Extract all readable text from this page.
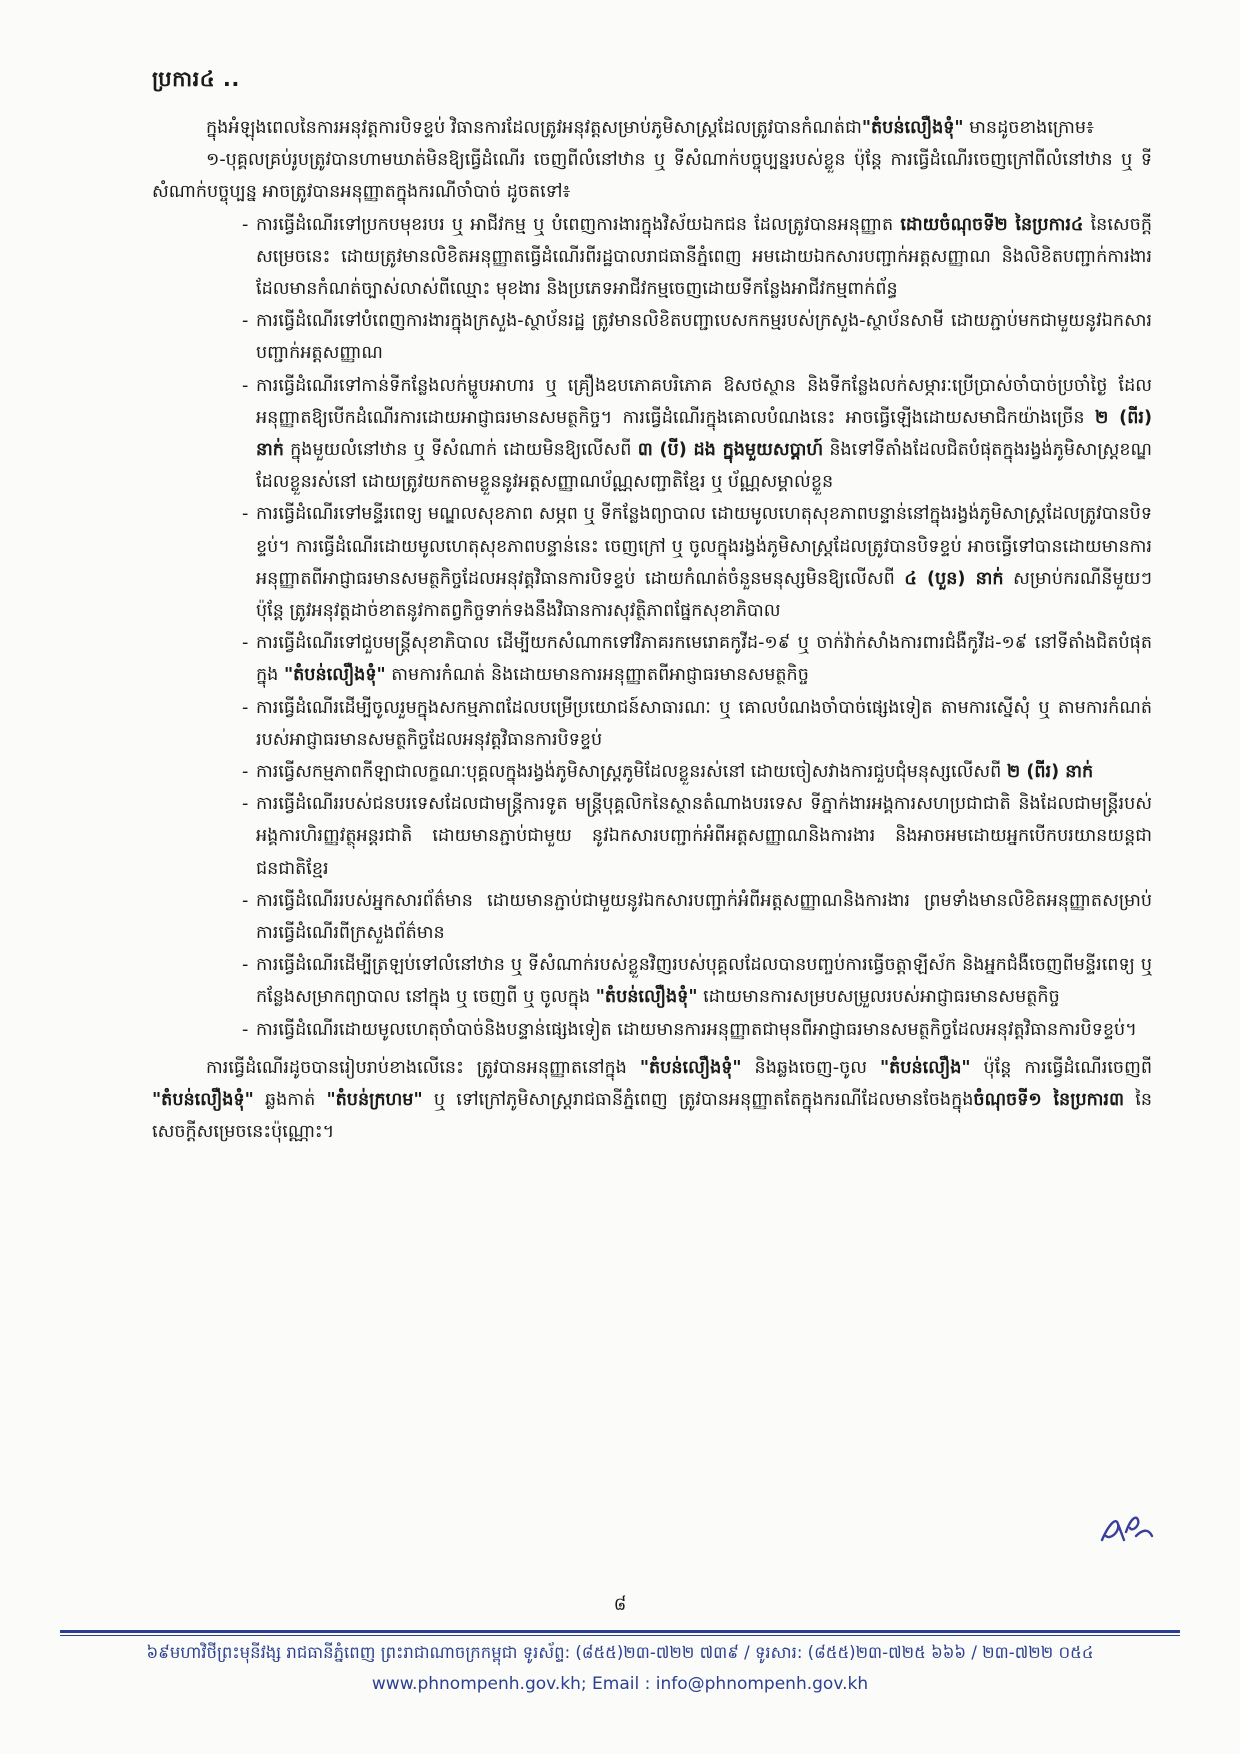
ប្រការ៤ ..

ក្នុងអំឡុងពេលនៃការអនុវត្តការបិទខ្ទប់ វិធានការដែលត្រូវអនុវត្តសម្រាប់ភូមិសាស្ត្រដែលត្រូវបានកំណត់ជា"តំបន់លឿងទុំ" មានដូចខាងក្រោម៖

១-បុគ្គលគ្រប់រូបត្រូវបានហាមឃាត់មិនឱ្យធ្វើដំណើរ ចេញពីលំនៅឋាន ឬ ទីសំណាក់បច្ចុប្បន្នរបស់ខ្លួន ប៉ុន្តែ ការធ្វើដំណើរចេញក្រៅពីលំនៅឋាន ឬ ទីសំណាក់បច្ចុប្បន្ន អាចត្រូវបានអនុញ្ញាតក្នុងករណីចាំបាច់ ដូចតទៅ៖

- ការធ្វើដំណើរទៅប្រកបមុខរបរ ឬ អាជីវកម្ម ឬ បំពេញការងារក្នុងវិស័យឯកជន ដែលត្រូវបានអនុញ្ញាត ដោយចំណុចទី២ នៃប្រការ៤ នៃសេចក្ដីសម្រេចនេះ ដោយត្រូវមានលិខិតអនុញ្ញាតធ្វើដំណើរពីរដ្ឋបាលរាជធានីភ្នំពេញ អមដោយឯកសារបញ្ជាក់អត្តសញ្ញាណ និងលិខិតបញ្ជាក់ការងារដែលមានកំណត់ច្បាស់លាស់ពីឈ្មោះ មុខងារ និងប្រភេទអាជីវកម្មចេញដោយទីកន្លែងអាជីវកម្មពាក់ព័ន្ធ
- ការធ្វើដំណើរទៅបំពេញការងារក្នុងក្រសួង-ស្ថាប័នរដ្ឋ ត្រូវមានលិខិតបញ្ជាបេសកកម្មរបស់ក្រសួង-ស្ថាប័នសាមី ដោយភ្ជាប់មកជាមួយនូវឯកសារបញ្ជាក់អត្តសញ្ញាណ
- ការធ្វើដំណើរទៅកាន់ទីកន្លែងលក់ម្ហូបអាហារ ឬ គ្រឿងឧបភោគបរិភោគ ឱសថស្ថាន និងទីកន្លែងលក់សម្ភារៈប្រើប្រាស់ចាំបាច់ប្រចាំថ្ងៃ ដែលអនុញ្ញាតឱ្យបើកដំណើរការដោយអាជ្ញាធរមានសមត្ថកិច្ច។ ការធ្វើដំណើរក្នុងគោលបំណងនេះ អាចធ្វើឡើងដោយសមាជិកយ៉ាងច្រើន ២ (ពីរ) នាក់ ក្នុងមួយលំនៅឋាន ឬ ទីសំណាក់ ដោយមិនឱ្យលើសពី ៣ (បី) ដង ក្នុងមួយសប្ដាហ៍ និងទៅទីតាំងដែលជិតបំផុតក្នុងរង្វង់ភូមិសាស្ត្រខណ្ឌដែលខ្លួនរស់នៅ ដោយត្រូវយកតាមខ្លួននូវអត្តសញ្ញាណប័ណ្ណសញ្ជាតិខ្មែរ ឬ ប័ណ្ណសម្គាល់ខ្លួន
- ការធ្វើដំណើរទៅមន្ទីរពេទ្យ មណ្ឌលសុខភាព សម្ភព ឬ ទីកន្លែងព្យាបាល ដោយមូលហេតុសុខភាពបន្ទាន់នៅក្នុងរង្វង់ភូមិសាស្ត្រដែលត្រូវបានបិទខ្ទប់។ ការធ្វើដំណើរដោយមូលហេតុសុខភាពបន្ទាន់នេះ ចេញក្រៅ ឬ ចូលក្នុងរង្វង់ភូមិសាស្ត្រដែលត្រូវបានបិទខ្ទប់ អាចធ្វើទៅបានដោយមានការអនុញ្ញាតពីអាជ្ញាធរមានសមត្ថកិច្ចដែលអនុវត្តវិធានការបិទខ្ទប់ ដោយកំណត់ចំនួនមនុស្សមិនឱ្យលើសពី ៤ (បួន) នាក់ សម្រាប់ករណីនីមួយៗ ប៉ុន្តែ ត្រូវអនុវត្តដាច់ខាតនូវកាតព្វកិច្ចទាក់ទងនឹងវិធានការសុវត្ថិភាពផ្នែកសុខាភិបាល
- ការធ្វើដំណើរទៅជួបមន្ត្រីសុខាភិបាល ដើម្បីយកសំណាកទៅវិភាគរកមេរោគកូវីដ-១៩ ឬ ចាក់វ៉ាក់សាំងការពារជំងឺកូវីដ-១៩ នៅទីតាំងជិតបំផុតក្នុង "តំបន់លឿងទុំ" តាមការកំណត់ និងដោយមានការអនុញ្ញាតពីអាជ្ញាធរមានសមត្ថកិច្ច
- ការធ្វើដំណើរដើម្បីចូលរួមក្នុងសកម្មភាពដែលបម្រើប្រយោជន៍សាធារណៈ ឬ គោលបំណងចាំបាច់ផ្សេងទៀត តាមការស្នើសុំ ឬ តាមការកំណត់របស់អាជ្ញាធរមានសមត្ថកិច្ចដែលអនុវត្តវិធានការបិទខ្ទប់
- ការធ្វើសកម្មភាពកីឡាជាលក្ខណៈបុគ្គលក្នុងរង្វង់ភូមិសាស្ត្រភូមិដែលខ្លួនរស់នៅ ដោយចៀសវាងការជួបជុំមនុស្សលើសពី ២ (ពីរ) នាក់
- ការធ្វើដំណើររបស់ជនបរទេសដែលជាមន្ត្រីការទូត មន្ត្រីបុគ្គលិកនៃស្ថានតំណាងបរទេស ទីភ្នាក់ងារអង្គការសហប្រជាជាតិ និងដែលជាមន្ត្រីរបស់អង្គការហិរញ្ញវត្ថុអន្តរជាតិ ដោយមានភ្ជាប់ជាមួយ នូវឯកសារបញ្ជាក់អំពីអត្តសញ្ញាណនិងការងារ និងអាចអមដោយអ្នកបើកបរយានយន្តជាជនជាតិខ្មែរ
- ការធ្វើដំណើររបស់អ្នកសារព័ត៌មាន ដោយមានភ្ជាប់ជាមួយនូវឯកសារបញ្ជាក់អំពីអត្តសញ្ញាណនិងការងារ ព្រមទាំងមានលិខិតអនុញ្ញាតសម្រាប់ការធ្វើដំណើរពីក្រសួងព័ត៌មាន
- ការធ្វើដំណើរដើម្បីត្រឡប់ទៅលំនៅឋាន ឬ ទីសំណាក់របស់ខ្លួនវិញរបស់បុគ្គលដែលបានបញ្ចប់ការធ្វើចត្តាឡីស័ក និងអ្នកជំងឺចេញពីមន្ទីរពេទ្យ ឬ កន្លែងសម្រាកព្យាបាល នៅក្នុង ឬ ចេញពី ឬ ចូលក្នុង "តំបន់លឿងទុំ" ដោយមានការសម្របសម្រួលរបស់អាជ្ញាធរមានសមត្ថកិច្ច
- ការធ្វើដំណើរដោយមូលហេតុចាំបាច់និងបន្ទាន់ផ្សេងទៀត ដោយមានការអនុញ្ញាតជាមុនពីអាជ្ញាធរមានសមត្ថកិច្ចដែលអនុវត្តវិធានការបិទខ្ទប់។

ការធ្វើដំណើរដូចបានរៀបរាប់ខាងលើនេះ ត្រូវបានអនុញ្ញាតនៅក្នុង "តំបន់លឿងទុំ" និងឆ្លងចេញ-ចូល "តំបន់លឿង" ប៉ុន្តែ ការធ្វើដំណើរចេញពី "តំបន់លឿងទុំ" ឆ្លងកាត់ "តំបន់ក្រហម" ឬ ទៅក្រៅភូមិសាស្ត្ររាជធានីភ្នំពេញ ត្រូវបានអនុញ្ញាតតែក្នុងករណីដែលមានចែងក្នុងចំណុចទី១ នៃប្រការ៣ នៃសេចក្ដីសម្រេចនេះប៉ុណ្ណោះ។

៨
៦៩មហាវិថីព្រះមុនីវង្ស រាជធានីភ្នំពេញ ព្រះរាជាណាចក្រកម្ពុជា ទូរស័ព្ទ: (៨៥៥)២៣-៧២២ ៧៣៩ / ទូរសារ: (៨៥៥)២៣-៧២៥ ៦៦៦ / ២៣-៧២២ ០៥៤
www.phnompenh.gov.kh; Email : info@phnompenh.gov.kh
